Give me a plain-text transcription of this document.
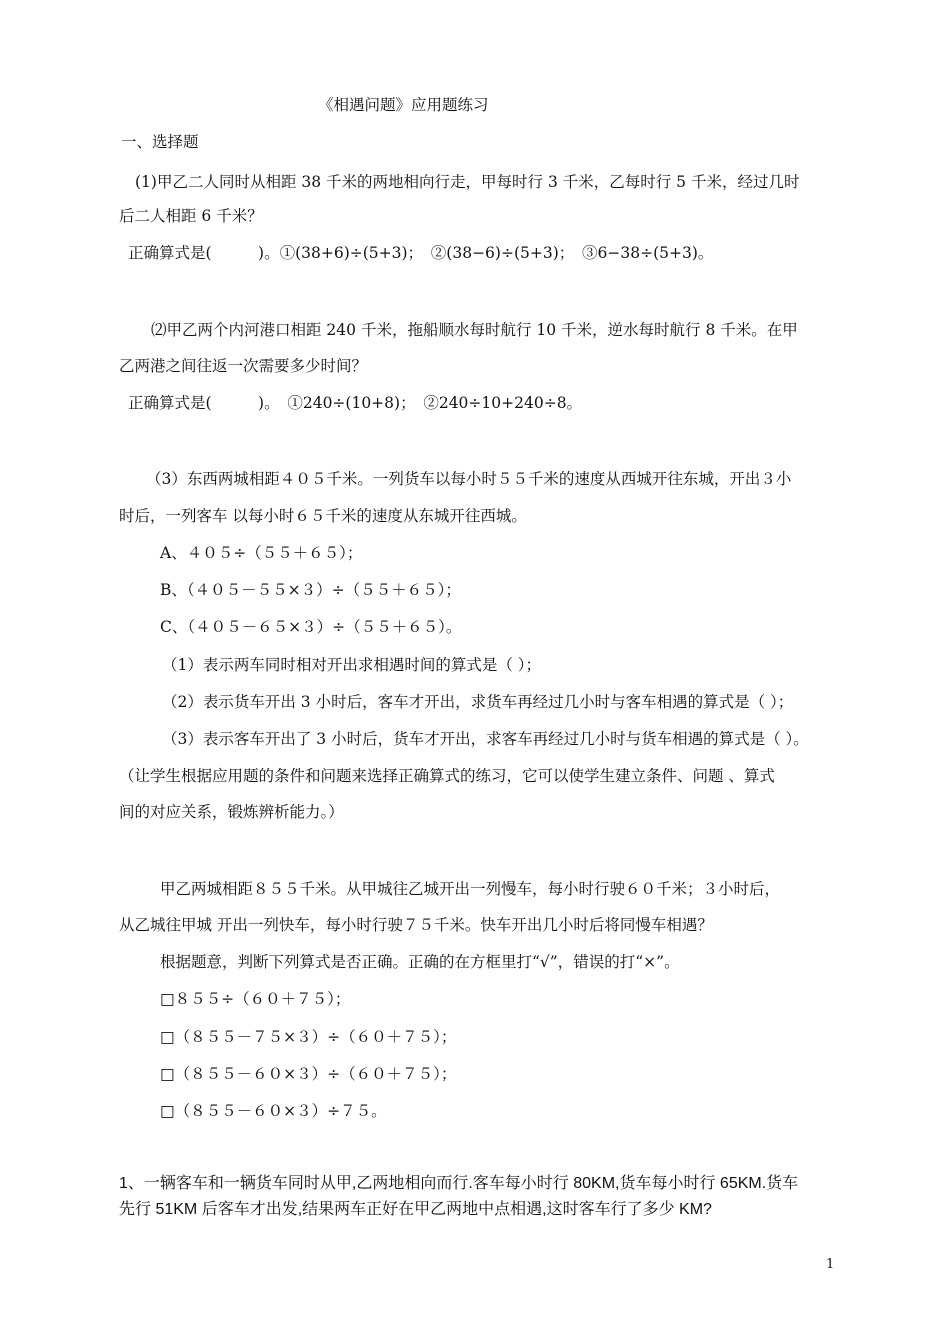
《相遇问题》应用题练习
一、选择题
(1)甲乙二人同时从相距 38 千米的两地相向行走，甲每时行 3 千米，乙每时行 5 千米，经过几时
后二人相距 6 千米？
正确算式是(　　　)。①(38+6)÷(5+3)；　②(38−6)÷(5+3)；　③6−38÷(5+3)。
⑵甲乙两个内河港口相距 240 千米，拖船顺水每时航行 10 千米，逆水每时航行 8 千米。在甲
乙两港之间往返一次需要多少时间？
正确算式是(　　　)。　①240÷(10+8)；　②240÷10+240÷8。
（3）东西两城相距４０５千米。一列货车以每小时５５千米的速度从西城开往东城，开出３小
时后，一列客车 以每小时６５千米的速度从东城开往西城。
A、４０５÷（５５＋６５）；
B、（４０５－５５×３）÷（５５＋６５）；
C、（４０５－６５×３）÷（５５＋６５）。
（1）表示两车同时相对开出求相遇时间的算式是（ ）；
（2）表示货车开出 3 小时后，客车才开出，求货车再经过几小时与客车相遇的算式是（ ）；
（3）表示客车开出了 3 小时后，货车才开出，求客车再经过几小时与货车相遇的算式是（ ）。
（让学生根据应用题的条件和问题来选择正确算式的练习，它可以使学生建立条件、问题 、算式
间的对应关系，锻炼辨析能力。）
甲乙两城相距８５５千米。从甲城往乙城开出一列慢车，每小时行驶６０千米；３小时后，
从乙城往甲城 开出一列快车，每小时行驶７５千米。快车开出几小时后将同慢车相遇？
根据题意，判断下列算式是否正确。正确的在方框里打“√”，错误的打“×”。
□８５５÷（６０＋７５）；
□（８５５－７５×３）÷（６０＋７５）；
□（８５５－６０×３）÷（６０＋７５）；
□（８５５－６０×３）÷７５。
1、一辆客车和一辆货车同时从甲,乙两地相向而行.客车每小时行 80KM,货车每小时行 65KM.货车
先行 51KM 后客车才出发,结果两车正好在甲乙两地中点相遇,这时客车行了多少 KM?
1
